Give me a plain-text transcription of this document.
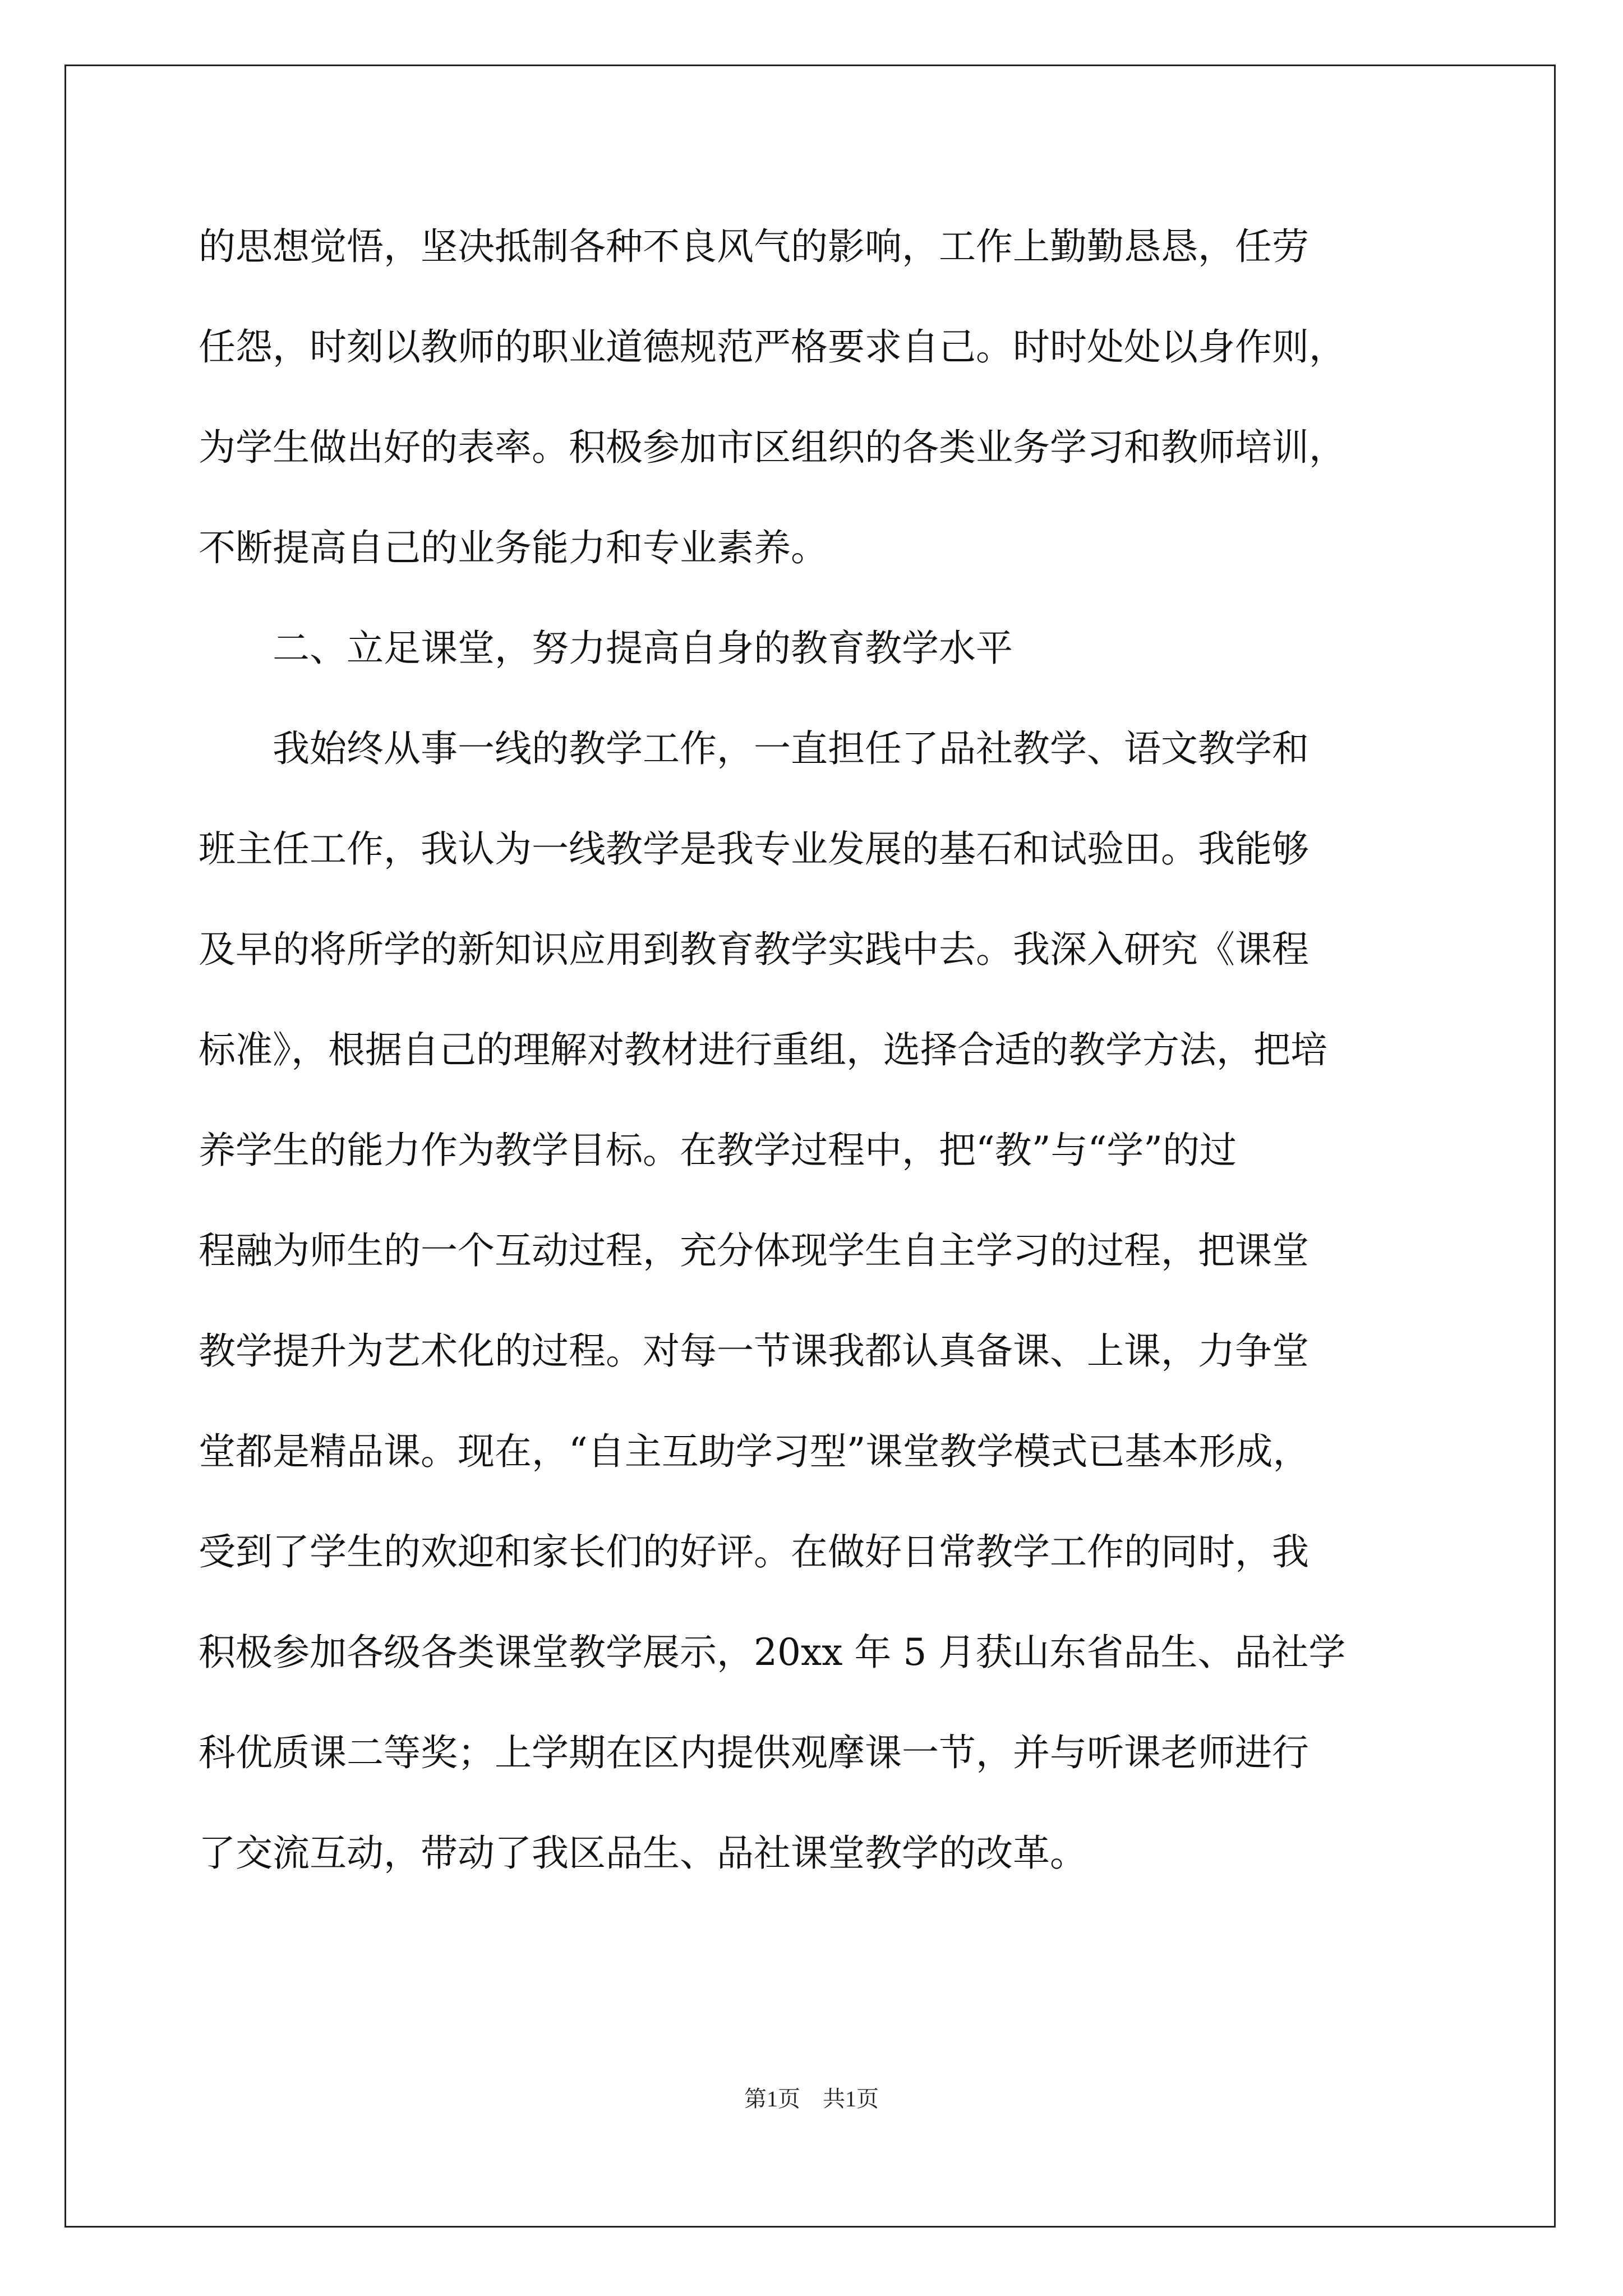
的思想觉悟，坚决抵制各种不良风气的影响，工作上勤勤恳恳，任劳
任怨，时刻以教师的职业道德规范严格要求自己。时时处处以身作则，
为学生做出好的表率。积极参加市区组织的各类业务学习和教师培训，
不断提高自己的业务能力和专业素养。
　　二、立足课堂，努力提高自身的教育教学水平
　　我始终从事一线的教学工作，一直担任了品社教学、语文教学和
班主任工作，我认为一线教学是我专业发展的基石和试验田。我能够
及早的将所学的新知识应用到教育教学实践中去。我深入研究《课程
标准》，根据自己的理解对教材进行重组，选择合适的教学方法，把培
养学生的能力作为教学目标。在教学过程中，把“教”与“学”的过
程融为师生的一个互动过程，充分体现学生自主学习的过程，把课堂
教学提升为艺术化的过程。对每一节课我都认真备课、上课，力争堂
堂都是精品课。现在，“自主互助学习型”课堂教学模式已基本形成，
受到了学生的欢迎和家长们的好评。在做好日常教学工作的同时，我
积极参加各级各类课堂教学展示，20xx 年 5 月获山东省品生、品社学
科优质课二等奖；上学期在区内提供观摩课一节，并与听课老师进行
了交流互动，带动了我区品生、品社课堂教学的改革。
第1页　共1页
